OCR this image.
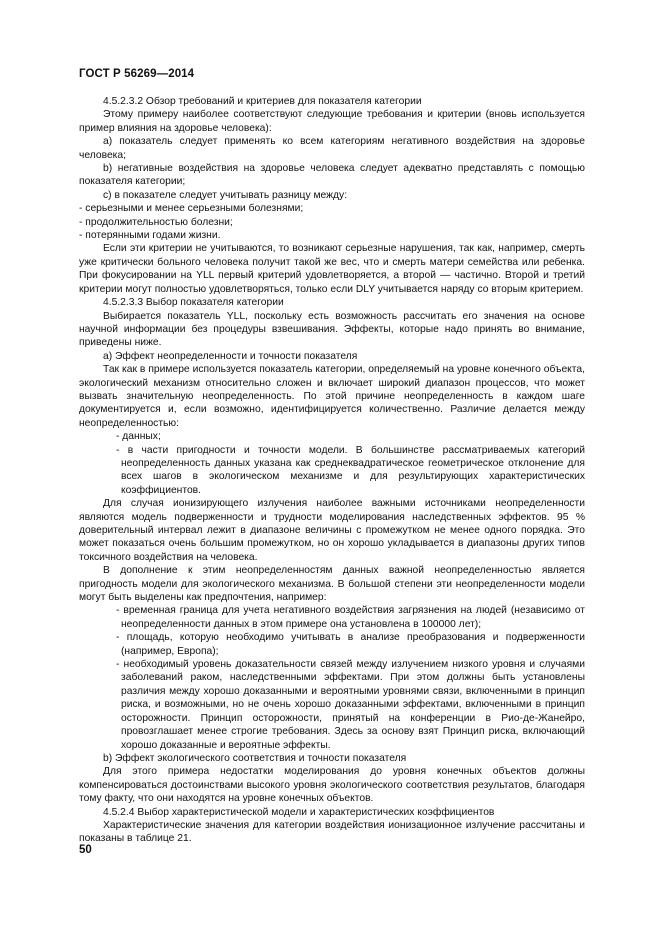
ГОСТ Р 56269—2014

4.5.2.3.2 Обзор требований и критериев для показателя категории

Этому примеру наиболее соответствуют следующие требования и критерии (вновь используется пример влияния на здоровье человека):

а) показатель следует применять ко всем категориям негативного воздействия на здоровье человека;

b) негативные воздействия на здоровье человека следует адекватно представлять с помощью показателя категории;

с) в показателе следует учитывать разницу между:

- серьезными и менее серьезными болезнями;

- продолжительностью болезни;

- потерянными годами жизни.

Если эти критерии не учитываются, то возникают серьезные нарушения, так как, например, смерть уже критически больного человека получит такой же вес, что и смерть матери семейства или ребенка. При фокусировании на YLL первый критерий удовлетворяется, а второй — частично. Второй и третий критерии могут полностью удовлетворяться, только если DLY учитывается наряду со вторым критерием.

4.5.2.3.3 Выбор показателя категории

Выбирается показатель YLL, поскольку есть возможность рассчитать его значения на основе научной информации без процедуры взвешивания. Эффекты, которые надо принять во внимание, приведены ниже.

а) Эффект неопределенности и точности показателя

Так как в примере используется показатель категории, определяемый на уровне конечного объекта, экологический механизм относительно сложен и включает широкий диапазон процессов, что может вызвать значительную неопределенность. По этой причине неопределенность в каждом шаге документируется и, если возможно, идентифицируется количественно. Различие делается между неопределенностью:

- данных;

- в части пригодности и точности модели. В большинстве рассматриваемых категорий неопределенность данных указана как среднеквадратическое геометрическое отклонение для всех шагов в экологическом механизме и для результирующих характеристических коэффициентов.

Для случая ионизирующего излучения наиболее важными источниками неопределенности являются модель подверженности и трудности моделирования наследственных эффектов. 95 % доверительный интервал лежит в диапазоне величины с промежутком не менее одного порядка. Это может показаться очень большим промежутком, но он хорошо укладывается в диапазоны других типов токсичного воздействия на человека.

В дополнение к этим неопределенностям данных важной неопределенностью является пригодность модели для экологического механизма. В большой степени эти неопределенности модели могут быть выделены как предпочтения, например:

- временная граница для учета негативного воздействия загрязнения на людей (независимо от неопределенности данных в этом примере она установлена в 100000 лет);

- площадь, которую необходимо учитывать в анализе преобразования и подверженности (например, Европа);

- необходимый уровень доказательности связей между излучением низкого уровня и случаями заболеваний раком, наследственными эффектами. При этом должны быть установлены различия между хорошо доказанными и вероятными уровнями связи, включенными в принцип риска, и возможными, но не очень хорошо доказанными эффектами, включенными в принцип осторожности. Принцип осторожности, принятый на конференции в Рио-де-Жанейро, провозглашает менее строгие требования. Здесь за основу взят Принцип риска, включающий хорошо доказанные и вероятные эффекты.

b) Эффект экологического соответствия и точности показателя

Для этого примера недостатки моделирования до уровня конечных объектов должны компенсироваться достоинствами высокого уровня экологического соответствия результатов, благодаря тому факту, что они находятся на уровне конечных объектов.

4.5.2.4 Выбор характеристической модели и характеристических коэффициентов

Характеристические значения для категории воздействия ионизационное излучение рассчитаны и показаны в таблице 21.

50
